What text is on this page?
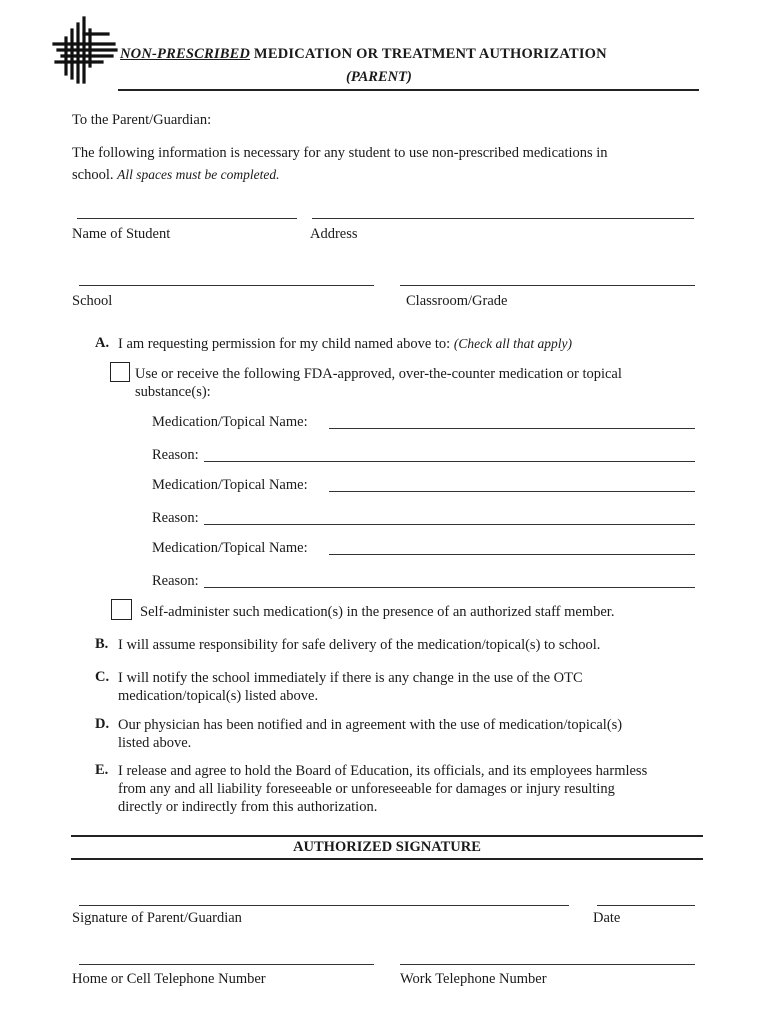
NON-PRESCRIBED MEDICATION OR TREATMENT AUTHORIZATION
(PARENT)
To the Parent/Guardian:
The following information is necessary for any student to use non-prescribed medications in
school. All spaces must be completed.
Name of Student	Address
School	Classroom/Grade
A. I am requesting permission for my child named above to: (Check all that apply)
Use or receive the following FDA-approved, over-the-counter medication or topical
substance(s):
Medication/Topical Name:
Reason:
Medication/Topical Name:
Reason:
Medication/Topical Name:
Reason:
Self-administer such medication(s) in the presence of an authorized staff member.
B. I will assume responsibility for safe delivery of the medication/topical(s) to school.
C. I will notify the school immediately if there is any change in the use of the OTC
medication/topical(s) listed above.
D. Our physician has been notified and in agreement with the use of medication/topical(s)
listed above.
E. I release and agree to hold the Board of Education, its officials, and its employees harmless
from any and all liability foreseeable or unforeseeable for damages or injury resulting
directly or indirectly from this authorization.
AUTHORIZED SIGNATURE
Signature of Parent/Guardian	Date
Home or Cell Telephone Number	Work Telephone Number
